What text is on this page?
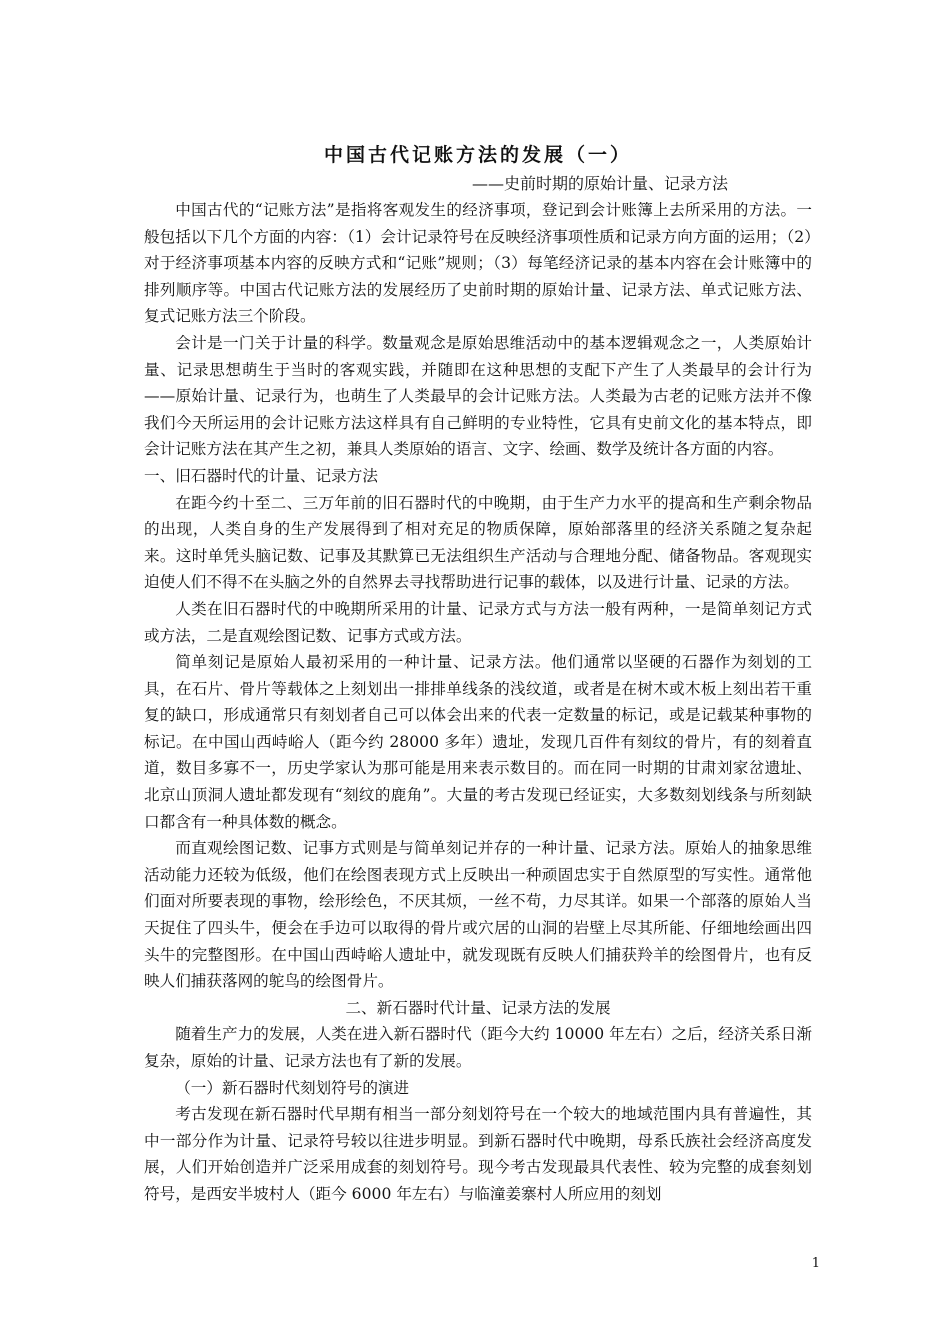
中国古代记账方法的发展（一）

——史前时期的原始计量、记录方法

中国古代的“记账方法”是指将客观发生的经济事项，登记到会计账簿上去所采用的方法。一般包括以下几个方面的内容：（1）会计记录符号在反映经济事项性质和记录方向方面的运用；（2）对于经济事项基本内容的反映方式和“记账”规则；（3）每笔经济记录的基本内容在会计账簿中的排列顺序等。中国古代记账方法的发展经历了史前时期的原始计量、记录方法、单式记账方法、复式记账方法三个阶段。

会计是一门关于计量的科学。数量观念是原始思维活动中的基本逻辑观念之一，人类原始计量、记录思想萌生于当时的客观实践，并随即在这种思想的支配下产生了人类最早的会计行为——原始计量、记录行为，也萌生了人类最早的会计记账方法。人类最为古老的记账方法并不像我们今天所运用的会计记账方法这样具有自己鲜明的专业特性，它具有史前文化的基本特点，即会计记账方法在其产生之初，兼具人类原始的语言、文字、绘画、数学及统计各方面的内容。

一、旧石器时代的计量、记录方法

在距今约十至二、三万年前的旧石器时代的中晚期，由于生产力水平的提高和生产剩余物品的出现，人类自身的生产发展得到了相对充足的物质保障，原始部落里的经济关系随之复杂起来。这时单凭头脑记数、记事及其默算已无法组织生产活动与合理地分配、储备物品。客观现实迫使人们不得不在头脑之外的自然界去寻找帮助进行记事的载体，以及进行计量、记录的方法。

人类在旧石器时代的中晚期所采用的计量、记录方式与方法一般有两种，一是简单刻记方式或方法，二是直观绘图记数、记事方式或方法。

简单刻记是原始人最初采用的一种计量、记录方法。他们通常以坚硬的石器作为刻划的工具，在石片、骨片等载体之上刻划出一排排单线条的浅纹道，或者是在树木或木板上刻出若干重复的缺口，形成通常只有刻划者自己可以体会出来的代表一定数量的标记，或是记载某种事物的标记。在中国山西峙峪人（距今约 28000 多年）遗址，发现几百件有刻纹的骨片，有的刻着直道，数目多寡不一，历史学家认为那可能是用来表示数目的。而在同一时期的甘肃刘家岔遗址、北京山顶洞人遗址都发现有“刻纹的鹿角”。大量的考古发现已经证实，大多数刻划线条与所刻缺口都含有一种具体数的概念。

而直观绘图记数、记事方式则是与简单刻记并存的一种计量、记录方法。原始人的抽象思维活动能力还较为低级，他们在绘图表现方式上反映出一种顽固忠实于自然原型的写实性。通常他们面对所要表现的事物，绘形绘色，不厌其烦，一丝不苟，力尽其详。如果一个部落的原始人当天捉住了四头牛，便会在手边可以取得的骨片或穴居的山洞的岩壁上尽其所能、仔细地绘画出四头牛的完整图形。在中国山西峙峪人遗址中，就发现既有反映人们捕获羚羊的绘图骨片，也有反映人们捕获落网的鸵鸟的绘图骨片。

二、新石器时代计量、记录方法的发展

随着生产力的发展，人类在进入新石器时代（距今大约 10000 年左右）之后，经济关系日渐复杂，原始的计量、记录方法也有了新的发展。

（一）新石器时代刻划符号的演进

考古发现在新石器时代早期有相当一部分刻划符号在一个较大的地域范围内具有普遍性，其中一部分作为计量、记录符号较以往进步明显。到新石器时代中晚期，母系氏族社会经济高度发展，人们开始创造并广泛采用成套的刻划符号。现今考古发现最具代表性、较为完整的成套刻划符号，是西安半坡村人（距今 6000 年左右）与临潼姜寨村人所应用的刻划

1
